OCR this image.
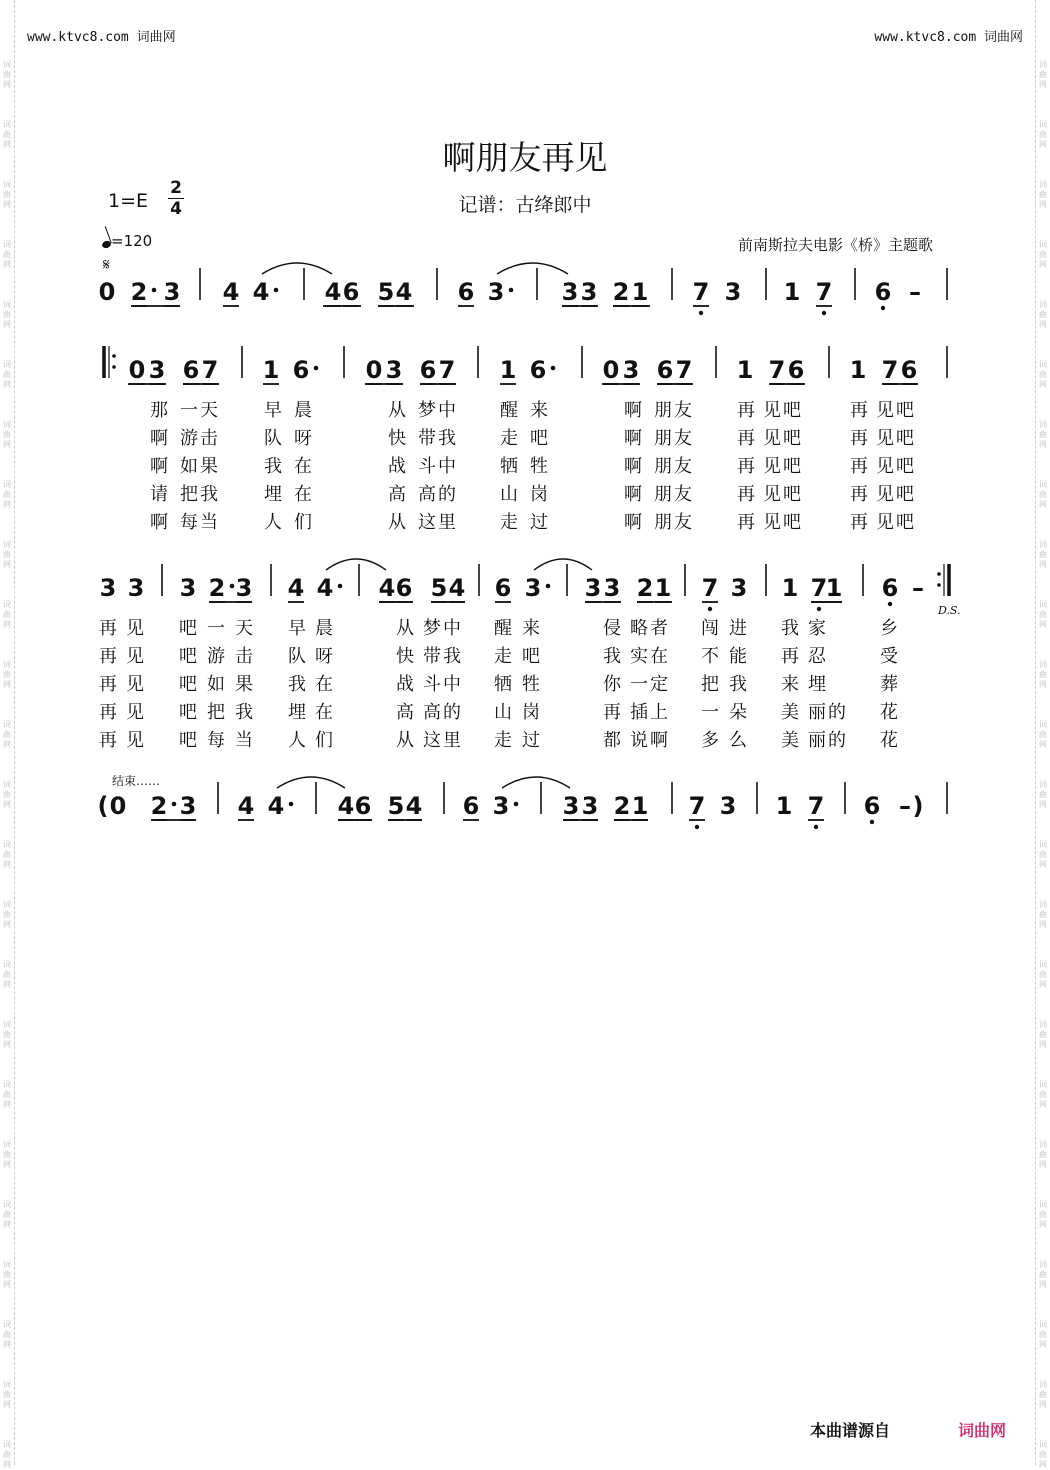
www.ktvc8.com 词曲网	www.ktvc8.com 词曲网
啊朋友再见
1=E
2
4	记谱：古绛郎中
=120	前南斯拉夫电影《桥》主题歌
𝄋
D.S.
结束……
0 2 3 4 4 4 6 5 4 6 3 3 3 2 1 7 3 1 7 6 –
0 3 6 7 1 6 0 3 6 7 1 6 0 3 6 7 1 7 6 1 7 6
3 3 3 2 3 4 4 4 6 5 4 6 3 3 3 2 1 7 3 1 7
1 6 –
( 0 2 3 4 4 4 6 5 4 6 3 3 3 2 1 7 3 1 7 6 – )
那 一天 早 晨	从 梦中 醒 来	啊 朋友 再 见吧	再 见吧
啊 游击 队 呀	快 带我 走 吧	啊 朋友 再 见吧	再 见吧
啊 如果 我 在	战 斗中 牺 牲	啊 朋友 再 见吧	再 见吧
请 把我 埋 在	高 高的 山 岗	啊 朋友 再 见吧	再 见吧
啊 每当 人 们	从 这里 走 过	啊 朋友 再 见吧	再 见吧
再 见 吧 一 天 早 晨	从 梦中 醒 来	侵 略者 闯 进 我 家	乡
再 见 吧 游 击 队 呀	快 带我 走 吧	我 实在 不 能 再 忍	受
再 见 吧 如 果 我 在	战 斗中 牺 牲	你 一定 把 我 来 埋	葬
再 见 吧 把 我 埋 在	高 高的 山 岗	再 插上 一 朵 美 丽的 花
再 见 吧 每 当 人 们	从 这里 走 过	都 说啊 多 么 美 丽的 花
本曲谱源自	词曲网
词
曲
网
词
曲
网
词
曲
网
词
曲
网
词
曲
网
词
曲
网
词
曲
网
词
曲
网
词
曲
网
词
曲
网
词
曲
网
词
曲
网
词
曲
网
词
曲
网
词
曲
网
词
曲
网
词
曲
网
词
曲
网
词
曲
网
词
曲
网
词
曲
网
词
曲
网
词
曲
网
词
曲
网
词
曲
网
词
曲
网
词
曲
网
词
曲
网
词
曲
网
词
曲
网
词
曲
网
词
曲
网
词
曲
网
词
曲
网
词
曲
网
词
曲
网
词
曲
网
词
曲
网
词
曲
网
词
曲
网
词
曲
网
词
曲
网
词
曲
网
词
曲
网
词
曲
网
词
曲
网
词
曲
网
词
曲
网
